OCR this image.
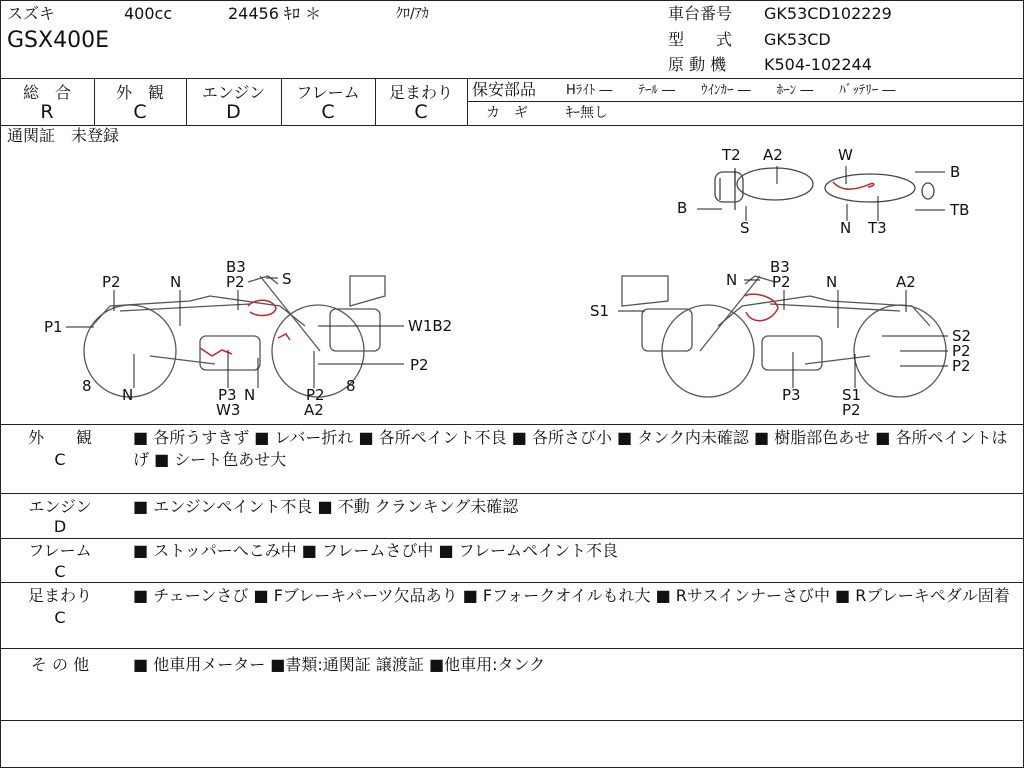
スズキ	400cc	24456 ｷﾛ ＊	ｸﾛ/ｱｶ
GSX400E
車台番号 GK53CD102229
型　　式 GK53CD
原 動 機 K504-102244
総　合
R
外　観
C
エンジン
D
フレーム
C
足まわり
C
保安部品 Hﾗｲﾄ ―　　ﾃｰﾙ ―　　ｳｲﾝｶｰ ―　　ﾎｰﾝ ―　　ﾊﾞｯﾃﾘｰ ―
カ　ギ	ｷｰ無し
通関証　未登録
T2 A2	W
B
B	TB
S	N T3
B3
P2 S
P2	N
P1	W1B2
P2
8 N	P3
W3
N	P2
A2
8
N
B3
P2 N	A2
S1
S2
P2
P2
P3	S1
P2
外　　観
C
■ 各所うすきず ■ レバー折れ ■ 各所ペイント不良 ■ 各所さび小 ■ タンク内未確認 ■ 樹脂部色あせ ■ 各所ペイントはげ ■ シート色あせ大
エンジン
D
■ エンジンペイント不良 ■ 不動 クランキング未確認
フレーム
C
■ ストッパーへこみ中 ■ フレームさび中 ■ フレームペイント不良
足まわり
C
■ チェーンさび ■ Fブレーキパーツ欠品あり ■ Fフォークオイルもれ大 ■ Rサスインナーさび中 ■ Rブレーキペダル固着
そ の 他	■ 他車用メーター ■書類:通関証 譲渡証 ■他車用:タンク
